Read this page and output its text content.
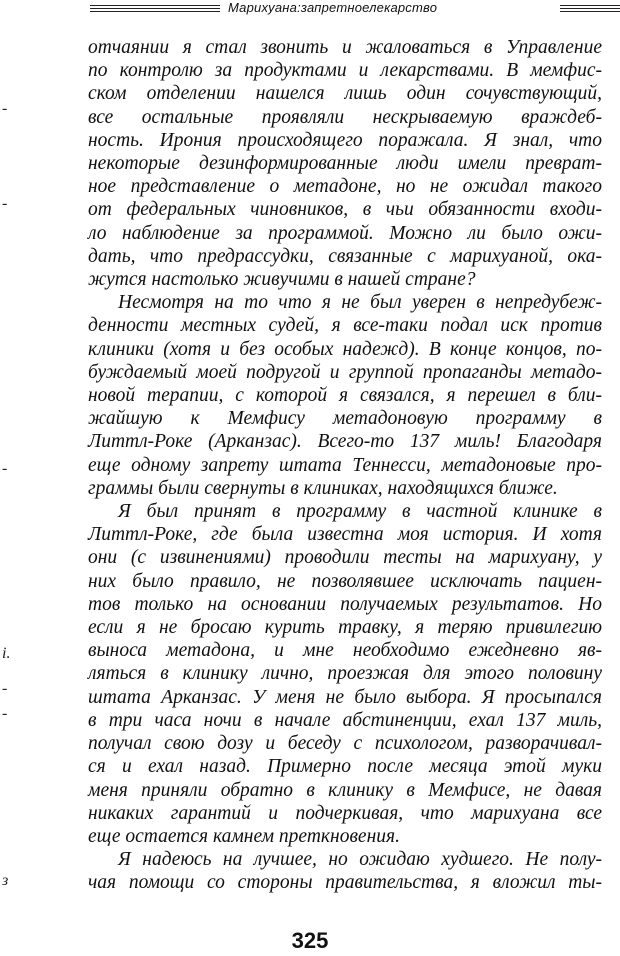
Марихуана:запретноелекарство
-
-
-
i.
-
-
з
отчаянии я стал звонить и жаловаться в Управление
по контролю за продуктами и лекарствами. В мемфис-
ском отделении нашелся лишь один сочувствующий,
все остальные проявляли нескрываемую враждеб-
ность. Ирония происходящего поражала. Я знал, что
некоторые дезинформированные люди имели преврат-
ное представление о метадоне, но не ожидал такого
от федеральных чиновников, в чьи обязанности входи-
ло наблюдение за программой. Можно ли было ожи-
дать, что предрассудки, связанные с марихуаной, ока-
жутся настолько живучими в нашей стране?
Несмотря на то что я не был уверен в непредубеж-
денности местных судей, я все-таки подал иск против
клиники (хотя и без особых надежд). В конце концов, по-
буждаемый моей подругой и группой пропаганды метадо-
новой терапии, с которой я связался, я перешел в бли-
жайшую к Мемфису метадоновую программу в
Литтл-Роке (Арканзас). Всего-то 137 миль! Благодаря
еще одному запрету штата Теннесси, метадоновые про-
граммы были свернуты в клиниках, находящихся ближе.
Я был принят в программу в частной клинике в
Литтл-Роке, где была известна моя история. И хотя
они (с извинениями) проводили тесты на марихуану, у
них было правило, не позволявшее исключать пациен-
тов только на основании получаемых результатов. Но
если я не бросаю курить травку, я теряю привилегию
выноса метадона, и мне необходимо ежедневно яв-
ляться в клинику лично, проезжая для этого половину
штата Арканзас. У меня не было выбора. Я просыпался
в три часа ночи в начале абстиненции, ехал 137 миль,
получал свою дозу и беседу с психологом, разворачивал-
ся и ехал назад. Примерно после месяца этой муки
меня приняли обратно в клинику в Мемфисе, не давая
никаких гарантий и подчеркивая, что марихуана все
еще остается камнем преткновения.
Я надеюсь на лучшее, но ожидаю худшего. Не полу-
чая помощи со стороны правительства, я вложил ты-
325
